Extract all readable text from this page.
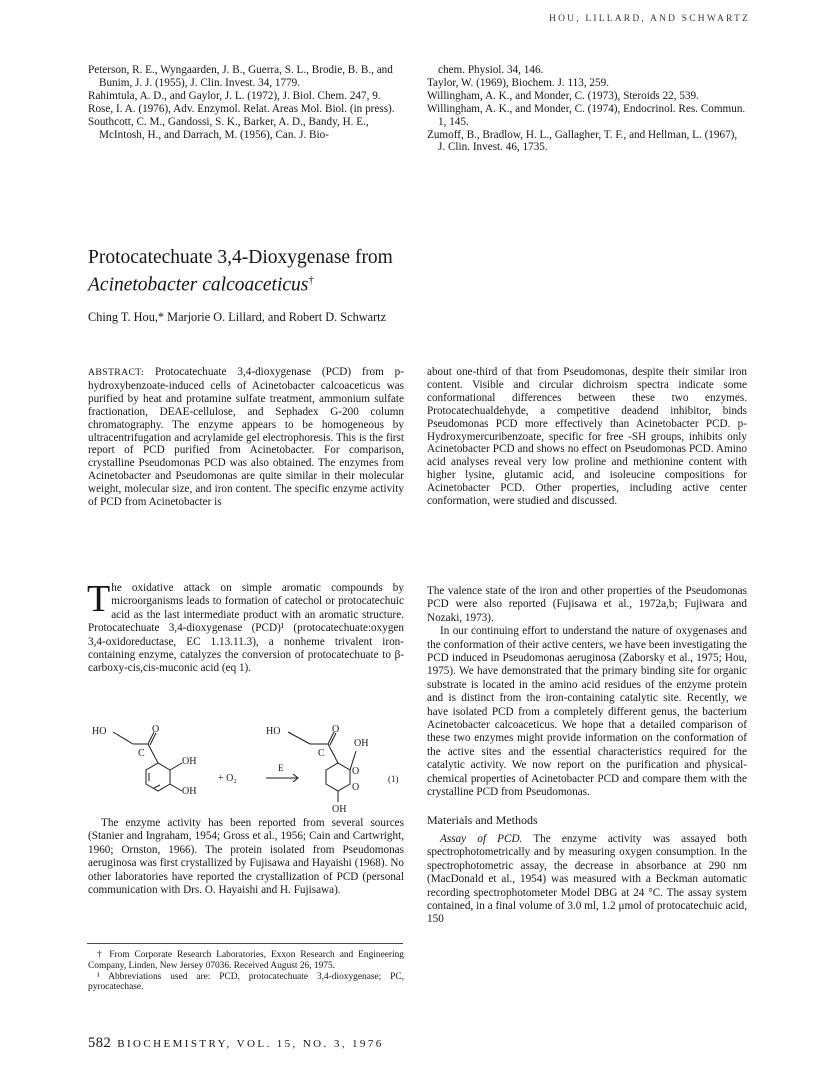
HOU, LILLARD, AND SCHWARTZ

Peterson, R. E., Wyngaarden, J. B., Guerra, S. L., Brodie, B. B., and Bunim, J. J. (1955), J. Clin. Invest. 34, 1779.

Rahimtula, A. D., and Gaylor, J. L. (1972), J. Biol. Chem. 247, 9.

Rose, I. A. (1976), Adv. Enzymol. Relat. Areas Mol. Biol. (in press).

Southcott, C. M., Gandossi, S. K., Barker, A. D., Bandy, H. E., McIntosh, H., and Darrach, M. (1956), Can. J. Bio-

chem. Physiol. 34, 146.

Taylor, W. (1969), Biochem. J. 113, 259.

Willingham, A. K., and Monder, C. (1973), Steroids 22, 539.

Willingham, A. K., and Monder, C. (1974), Endocrinol. Res. Commun. 1, 145.

Zumoff, B., Bradlow, H. L., Gallagher, T. F., and Hellman, L. (1967), J. Clin. Invest. 46, 1735.

Protocatechuate 3,4-Dioxygenase from
Acinetobacter calcoaceticus†
Ching T. Hou,* Marjorie O. Lillard, and Robert D. Schwartz
ABSTRACT: Protocatechuate 3,4-dioxygenase (PCD) from p-hydroxybenzoate-induced cells of Acinetobacter calcoaceticus was purified by heat and protamine sulfate treatment, ammonium sulfate fractionation, DEAE-cellulose, and Sephadex G-200 column chromatography. The enzyme appears to be homogeneous by ultracentrifugation and acrylamide gel electrophoresis. This is the first report of PCD purified from Acinetobacter. For comparison, crystalline Pseudomonas PCD was also obtained. The enzymes from Acinetobacter and Pseudomonas are quite similar in their molecular weight, molecular size, and iron content. The specific enzyme activity of PCD from Acinetobacter is
about one-third of that from Pseudomonas, despite their similar iron content. Visible and circular dichroism spectra indicate some conformational differences between these two enzymes. Protocatechualdehyde, a competitive deadend inhibitor, binds Pseudomonas PCD more effectively than Acinetobacter PCD. p-Hydroxymercuribenzoate, specific for free -SH groups, inhibits only Acinetobacter PCD and shows no effect on Pseudomonas PCD. Amino acid analyses reveal very low proline and methionine content with higher lysine, glutamic acid, and isoleucine compositions for Acinetobacter PCD. Other properties, including active center conformation, were studied and discussed.

The oxidative attack on simple aromatic compounds by microorganisms leads to formation of catechol or protocatechuic acid as the last intermediate product with an aromatic structure. Protocatechuate 3,4-dioxygenase (PCD)¹ (protocatechuate:oxygen 3,4-oxidoreductase, EC 1.13.11.3), a nonheme trivalent iron-containing enzyme, catalyzes the conversion of protocatechuate to β-carboxy-cis,cis-muconic acid (eq 1).

HO	O
C
OH
OH
+ O₂
E
HO	O
OH
C
O
O
OH
(1)

The enzyme activity has been reported from several sources (Stanier and Ingraham, 1954; Gross et al., 1956; Cain and Cartwright, 1960; Ornston, 1966). The protein isolated from Pseudomonas aeruginosa was first crystallized by Fujisawa and Hayaishi (1968). No other laboratories have reported the crystallization of PCD (personal communication with Drs. O. Hayaishi and H. Fujisawa).

The valence state of the iron and other properties of the Pseudomonas PCD were also reported (Fujisawa et al., 1972a,b; Fujiwara and Nozaki, 1973).

In our continuing effort to understand the nature of oxygenases and the conformation of their active centers, we have been investigating the PCD induced in Pseudomonas aeruginosa (Zaborsky et al., 1975; Hou, 1975). We have demonstrated that the primary binding site for organic substrate is located in the amino acid residues of the enzyme protein and is distinct from the iron-containing catalytic site. Recently, we have isolated PCD from a completely different genus, the bacterium Acinetobacter calcoaceticus. We hope that a detailed comparison of these two enzymes might provide information on the conformation of the active sites and the essential characteristics required for the catalytic activity. We now report on the purification and physical-chemical properties of Acinetobacter PCD and compare them with the crystalline PCD from Pseudomonas.

Materials and Methods

Assay of PCD. The enzyme activity was assayed both spectrophotometrically and by measuring oxygen consumption. In the spectrophotometric assay, the decrease in absorbance at 290 nm (MacDonald et al., 1954) was measured with a Beckman automatic recording spectrophotometer Model DBG at 24 °C. The assay system contained, in a final volume of 3.0 ml, 1.2 μmol of protocatechuic acid, 150

† From Corporate Research Laboratories, Exxon Research and Engineering Company, Linden, New Jersey 07036. Received August 26, 1975.

¹ Abbreviations used are: PCD, protocatechuate 3,4-dioxygenase; PC, pyrocatechase.

582 BIOCHEMISTRY, VOL. 15, NO. 3, 1976
